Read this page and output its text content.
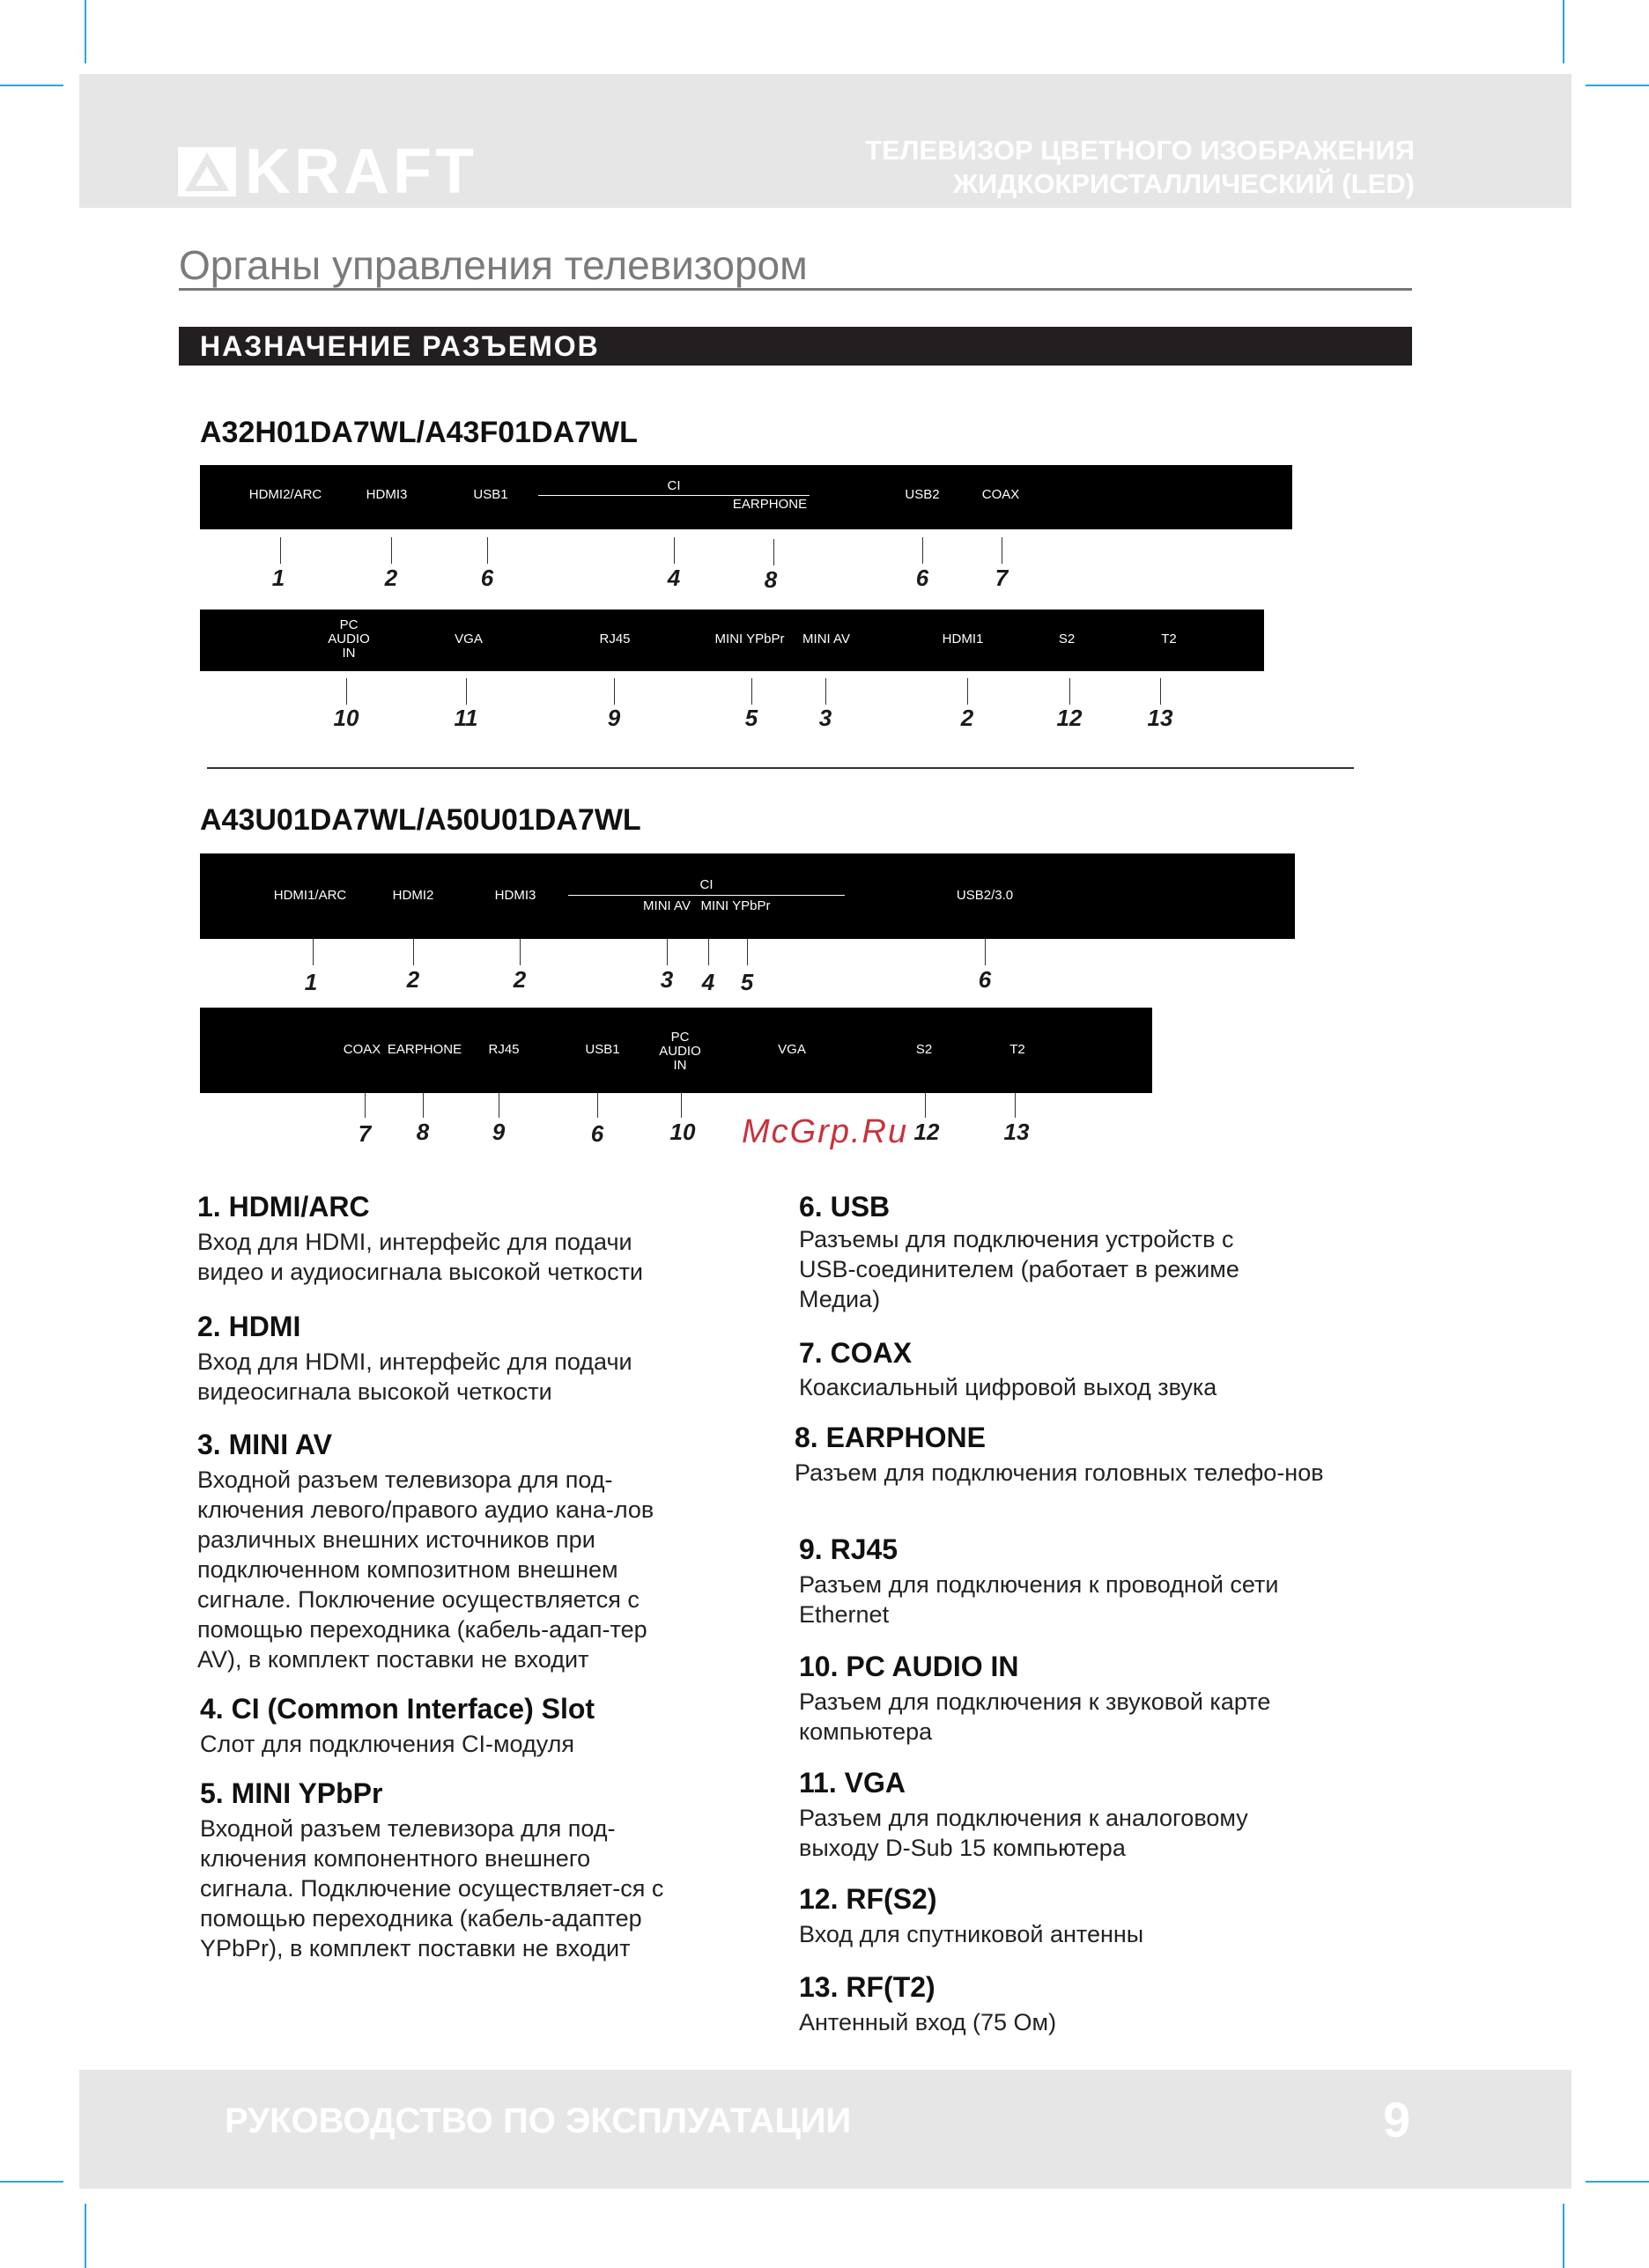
KRAFT	ТЕЛЕВИЗОР ЦВЕТНОГО ИЗОБРАЖЕНИЯ
ЖИДКОКРИСТАЛЛИЧЕСКИЙ (LED)
Органы управления телевизором
НАЗНАЧЕНИЕ РАЗЪЕМОВ
A32H01DA7WL/A43F01DA7WL
HDMI2/ARC	HDMI3	USB1
CI
EARPHONE
USB2	COAX
1	2	6	4	8	6	7
PC AUDIO IN
VGA	RJ45	MINI YPbPr MINI AV	HDMI1	S2	T2
10	11	9	5	3	2	12	13
A43U01DA7WL/A50U01DA7WL
HDMI1/ARC	HDMI2	HDMI3
CI
MINI AV MINI YPbPr
USB2/3.0
1	2	2	3 4 5	6
COAX EARPHONE RJ45	USB1
PC AUDIO IN
VGA	S2	T2
7 8	9	6	10	12	13
McGrp.Ru
1. HDMI/ARC
Вход для HDMI, интерфейс для подачи видео и аудиосигнала высокой четкости
2. HDMI
Вход для HDMI, интерфейс для подачи видеосигнала высокой четкости
3. MINI AV
Входной разъем телевизора для под-ключения левого/правого аудио кана-лов различных внешних источников при подключенном композитном внешнем сигнале. Поключение осуществляется с помощью переходника (кабель-адап-тер AV), в комплект поставки не входит
4. CI (Common Interface) Slot
Слот для подключения CI-модуля
5. MINI YPbPr
Входной разъем телевизора для под-ключения компонентного внешнего сигнала. Подключение осуществляет-ся с помощью переходника (кабель-адаптер YPbPr), в комплект поставки не входит
6. USB
Разъемы для подключения устройств с USB-соединителем (работает в режиме Медиа)
7. COAX
Коаксиальный цифровой выход звука
8. EARPHONE
Разъем для подключения головных телефо-нов
9. RJ45
Разъем для подключения к проводной сети Ethernet
10. PC AUDIO IN
Разъем для подключения к звуковой карте компьютера
11. VGA
Разъем для подключения к аналоговому выходу D-Sub 15 компьютера
12. RF(S2)
Вход для спутниковой антенны
13. RF(T2)
Антенный вход (75 Ом)
РУКОВОДСТВО ПО ЭКСПЛУАТАЦИИ	9
